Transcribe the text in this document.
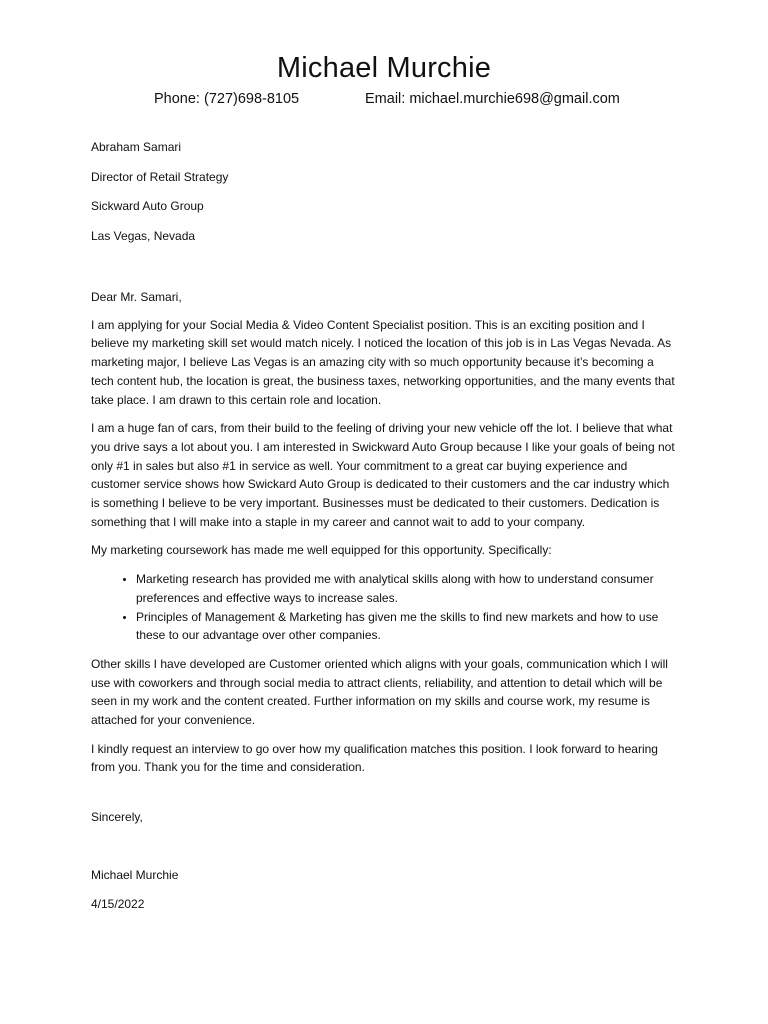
Michael Murchie
Phone: (727)698-8105	Email: michael.murchie698@gmail.com
Abraham Samari
Director of Retail Strategy
Sickward Auto Group
Las Vegas, Nevada

Dear Mr. Samari,

I am applying for your Social Media & Video Content Specialist position. This is an exciting position and I believe my marketing skill set would match nicely. I noticed the location of this job is in Las Vegas Nevada. As marketing major, I believe Las Vegas is an amazing city with so much opportunity because it’s becoming a tech content hub, the location is great, the business taxes, networking opportunities, and the many events that take place. I am drawn to this certain role and location.

I am a huge fan of cars, from their build to the feeling of driving your new vehicle off the lot. I believe that what you drive says a lot about you. I am interested in Swickward Auto Group because I like your goals of being not only #1 in sales but also #1 in service as well. Your commitment to a great car buying experience and customer service shows how Swickard Auto Group is dedicated to their customers and the car industry which is something I believe to be very important. Businesses must be dedicated to their customers. Dedication is something that I will make into a staple in my career and cannot wait to add to your company.

My marketing coursework has made me well equipped for this opportunity. Specifically:

• Marketing research has provided me with analytical skills along with how to understand consumer preferences and effective ways to increase sales.
• Principles of Management & Marketing has given me the skills to find new markets and how to use these to our advantage over other companies.

Other skills I have developed are Customer oriented which aligns with your goals, communication which I will use with coworkers and through social media to attract clients, reliability, and attention to detail which will be seen in my work and the content created. Further information on my skills and course work, my resume is attached for your convenience.

I kindly request an interview to go over how my qualification matches this position. I look forward to hearing from you. Thank you for the time and consideration.

Sincerely,
Michael Murchie
4/15/2022
